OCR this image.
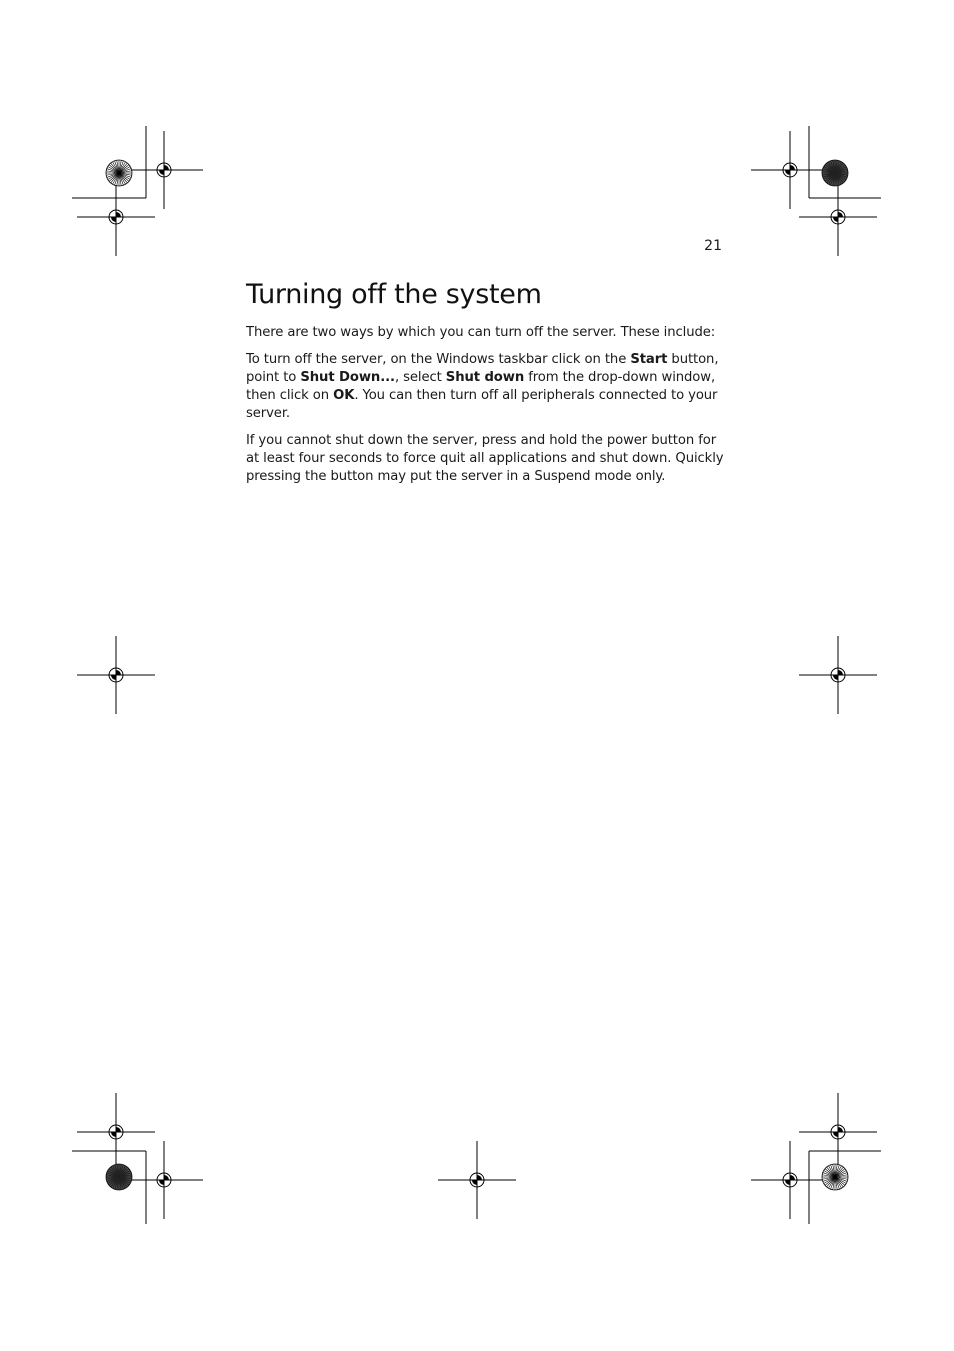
21
Turning off the system

There are two ways by which you can turn off the server. These include:

To turn off the server, on the Windows taskbar click on the Start button, point to Shut Down..., select Shut down from the drop-down window, then click on OK. You can then turn off all peripherals connected to your server.

If you cannot shut down the server, press and hold the power button for at least four seconds to force quit all applications and shut down. Quickly pressing the button may put the server in a Suspend mode only.
